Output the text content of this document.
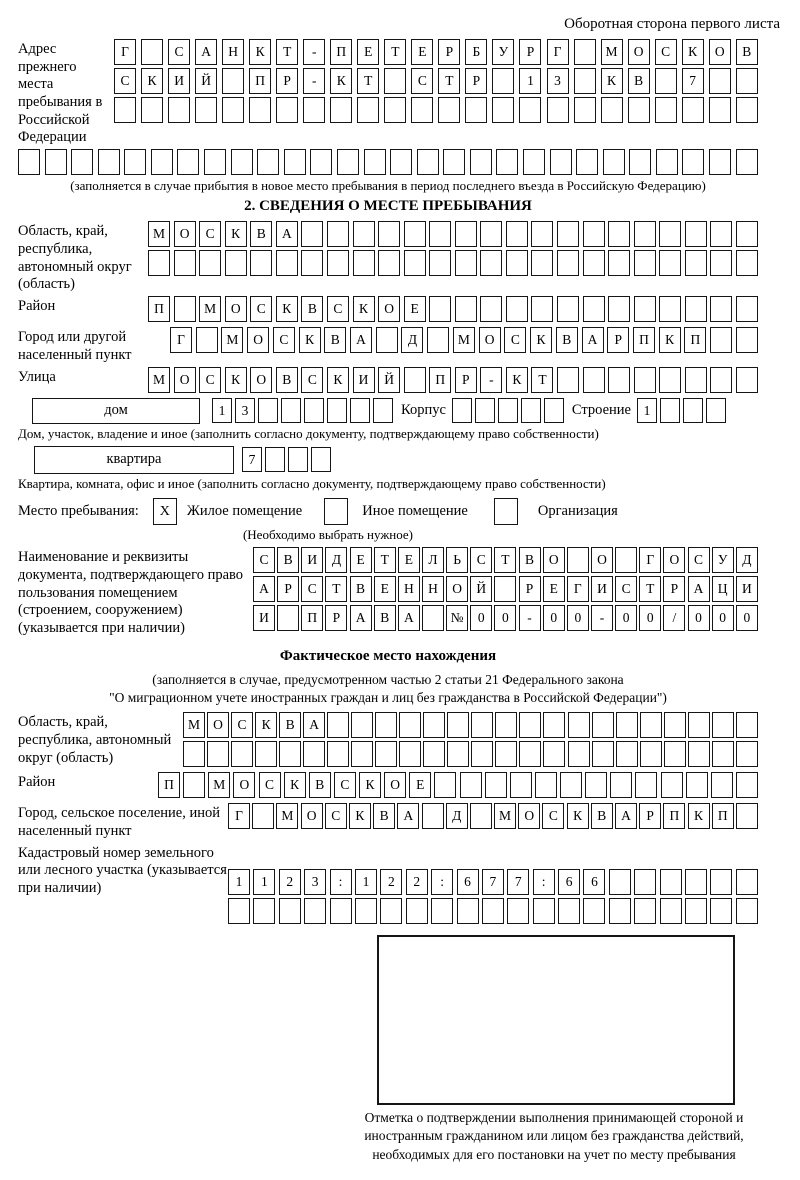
Оборотная сторона первого листа
Адрес прежнего места пребывания в Российской Федерации
Г	С	А	Н	К	Т	-	П	Е	Т	Е	Р	Б	У	Р	Г	М	О	С	К	О	В
С	К	И	Й	П	Р	-	К	Т	С	Т	Р	1	3	К	В	7
(заполняется в случае прибытия в новое место пребывания в период последнего въезда в Российскую Федерацию)
2. СВЕДЕНИЯ О МЕСТЕ ПРЕБЫВАНИЯ
Область, край, республика, автономный округ (область)
М	О	С	К	В	А
Район	П	М	О	С	К	В	С	К	О	Е
Город или другой населенный пункт
Г	М	О	С	К	В	А	Д	М	О	С	К	В	А	Р	П	К	П
Улица	М	О	С	К	О	В	С	К	И	Й	П	Р	-	К	Т
дом	1	3	Корпус	Строение 1
Дом, участок, владение и иное (заполнить согласно документу, подтверждающему право собственности)
квартира	7
Квартира, комната, офис и иное (заполнить согласно документу, подтверждающему право собственности)
Место пребывания:	X	Жилое помещение	Иное помещение	Организация
(Необходимо выбрать нужное)
Наименование и реквизиты документа, подтверждающего право пользования помещением (строением, сооружением) (указывается при наличии)
С	В	И	Д	Е	Т	Е	Л	Ь	С	Т	В	О	О	Г	О	С	У	Д
А	Р	С	Т	В	Е	Н	Н	О	Й	Р	Е	Г	И	С	Т	Р	А	Ц	И
И	П	Р	А	В	А	№	0	0	-	0	0	-	0	0	/	0	0	0
Фактическое место нахождения
(заполняется в случае, предусмотренном частью 2 статьи 21 Федерального закона
"О миграционном учете иностранных граждан и лиц без гражданства в Российской Федерации")
Область, край, республика, автономный округ (область)
М О	С	К	В	А
Район	П	М	О	С	К	В	С	К	О	Е
Город, сельское поселение, иной населенный пункт
Г	М О	С	К	В	А	Д	М О	С	К	В	А	Р	П	К	П
Кадастровый номер земельного или лесного участка (указывается при наличии)	1	1	2	3	:	1	2	2	:	6	7	7	:	6	6
Отметка о подтверждении выполнения принимающей стороной и иностранным гражданином или лицом без гражданства действий, необходимых для его постановки на учет по месту пребывания
